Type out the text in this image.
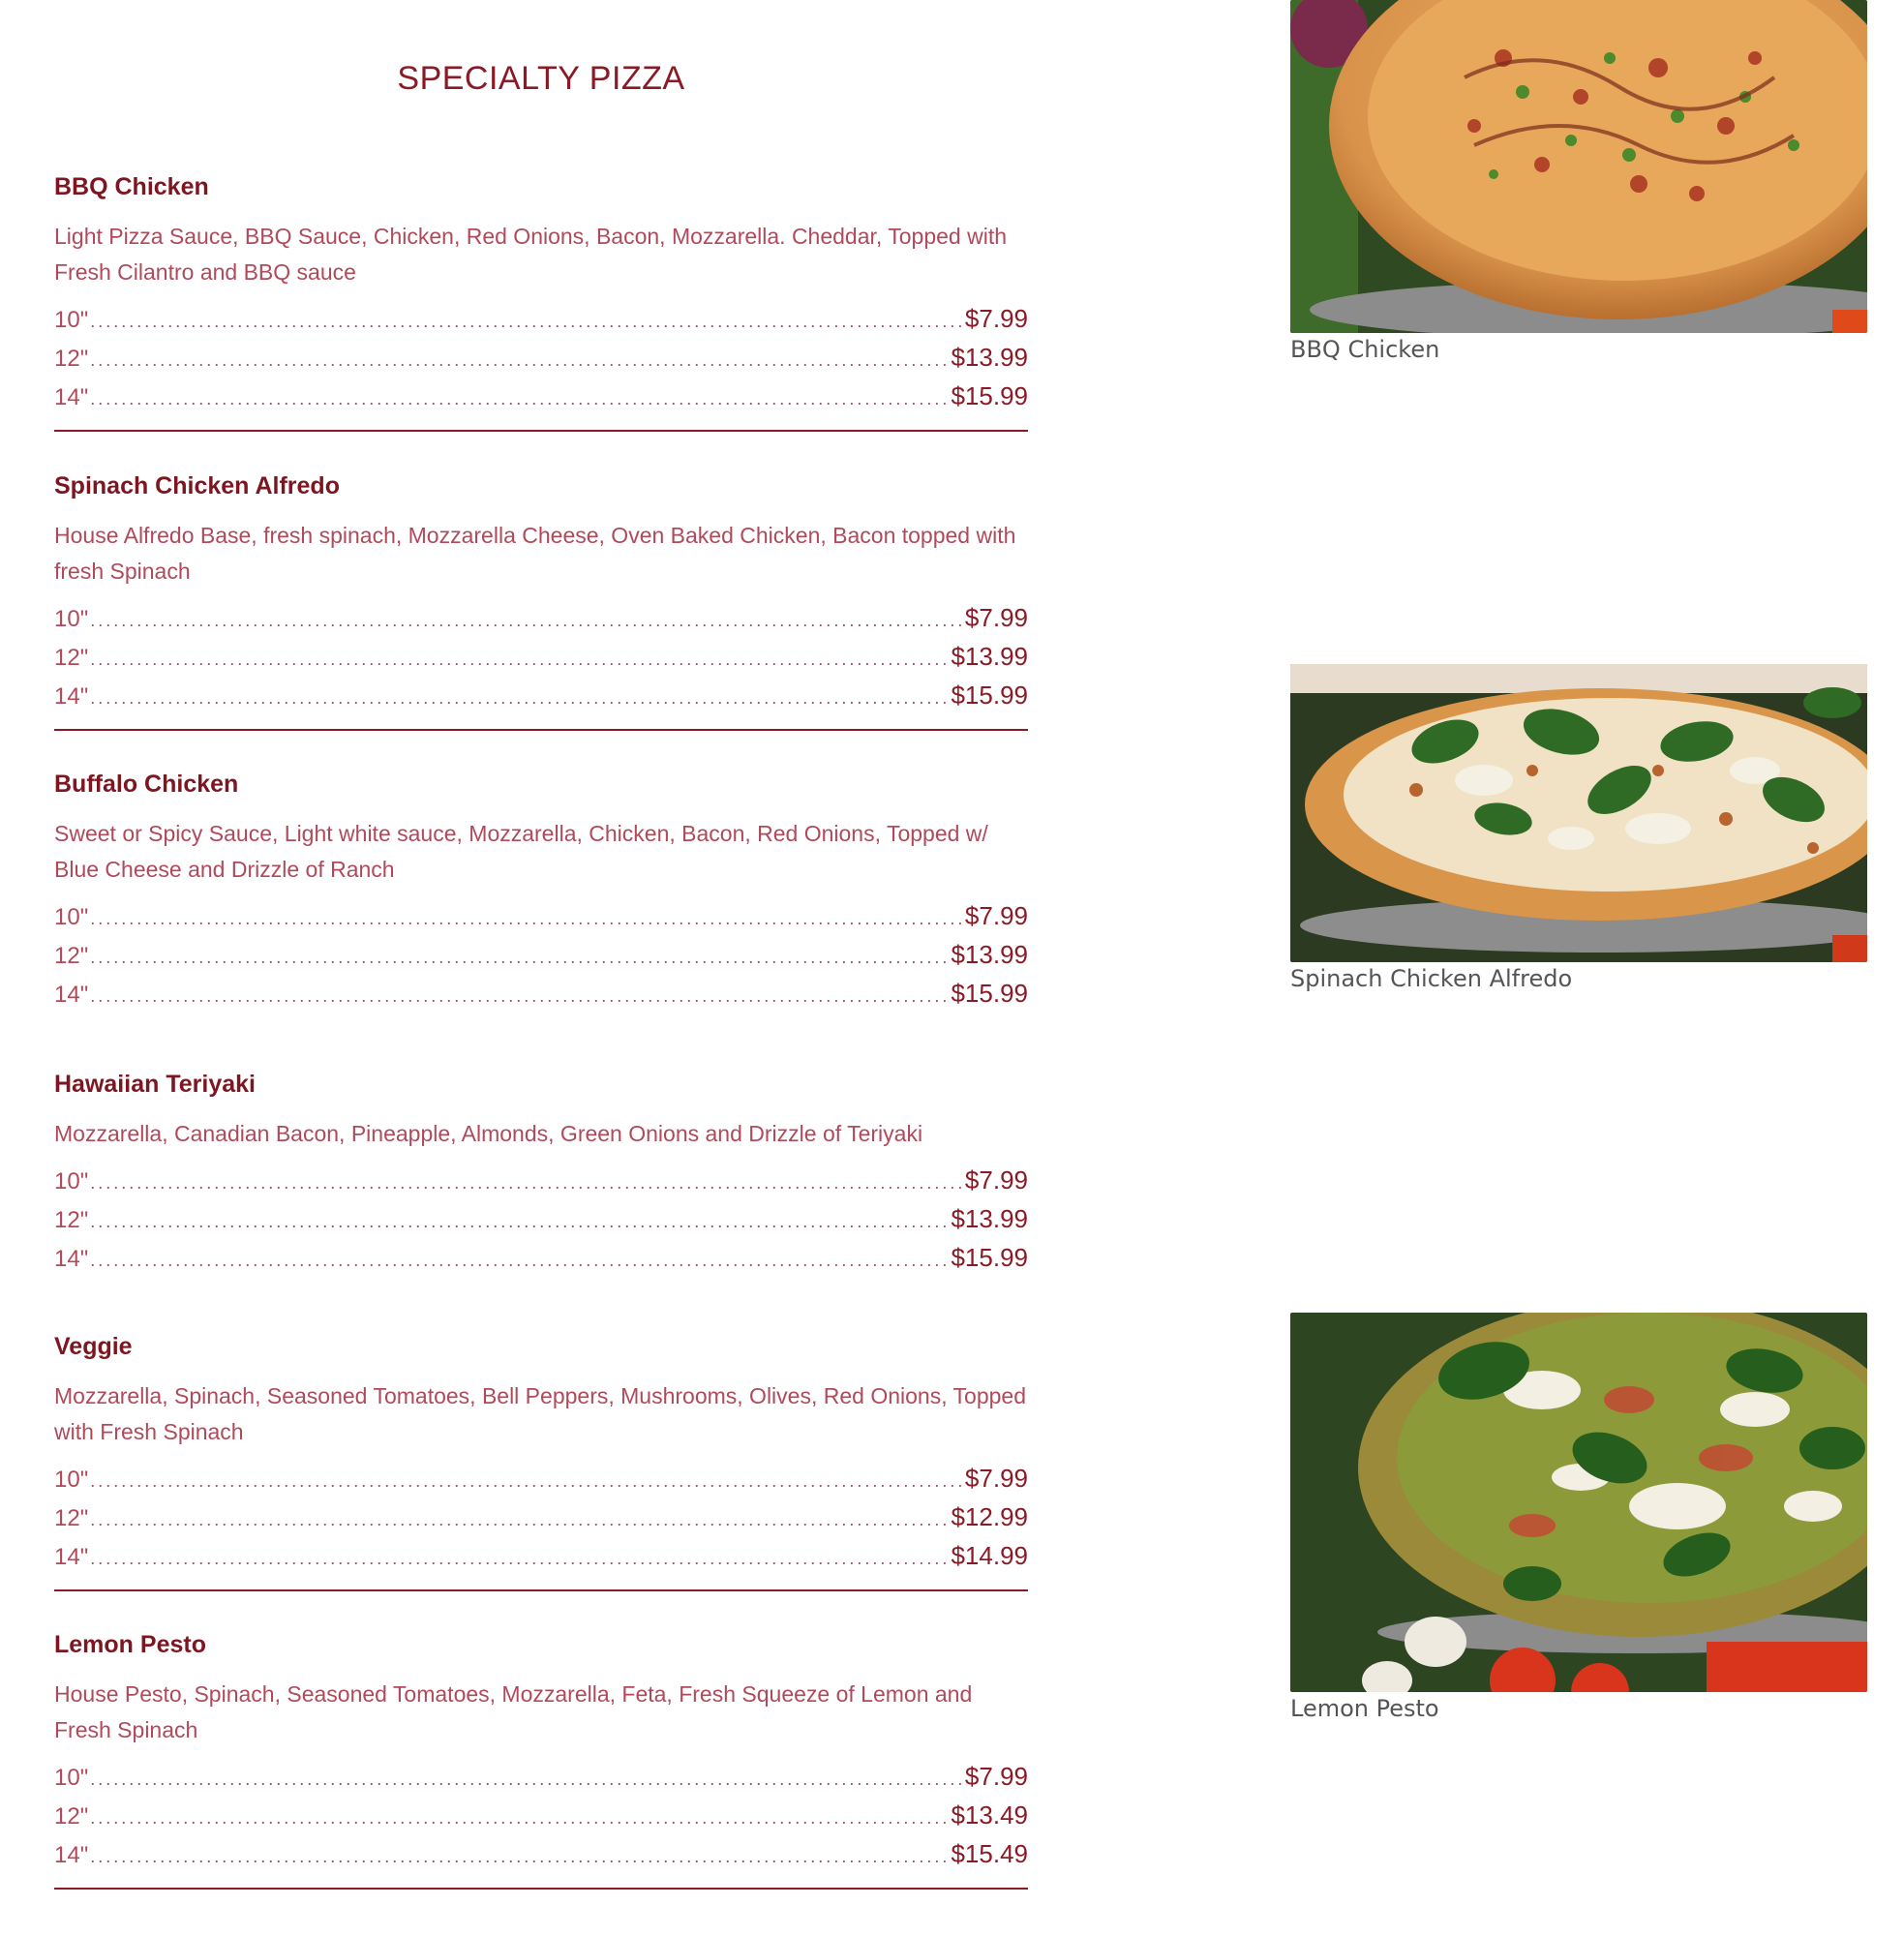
SPECIALTY PIZZA
BBQ Chicken

Light Pizza Sauce, BBQ Sauce, Chicken, Red Onions, Bacon, Mozzarella. Cheddar, Topped with Fresh Cilantro and BBQ sauce

10" .....	$7.99
12" .....	$13.99
14" .....	$15.99
Spinach Chicken Alfredo

House Alfredo Base, fresh spinach, Mozzarella Cheese, Oven Baked Chicken, Bacon topped with fresh Spinach

10" .....	$7.99
12" .....	$13.99
14" .....	$15.99
Buffalo Chicken

Sweet or Spicy Sauce, Light white sauce, Mozzarella, Chicken, Bacon, Red Onions, Topped w/ Blue Cheese and Drizzle of Ranch

10" .....	$7.99
12" .....	$13.99
14" .....	$15.99
Hawaiian Teriyaki

Mozzarella, Canadian Bacon, Pineapple, Almonds, Green Onions and Drizzle of Teriyaki

10" .....	$7.99
12" .....	$13.99
14" .....	$15.99
Veggie

Mozzarella, Spinach, Seasoned Tomatoes, Bell Peppers, Mushrooms, Olives, Red Onions, Topped with Fresh Spinach

10" .....	$7.99
12" .....	$12.99
14" .....	$14.99
Lemon Pesto

House Pesto, Spinach, Seasoned Tomatoes, Mozzarella, Feta, Fresh Squeeze of Lemon and Fresh Spinach

10" .....	$7.99
12" .....	$13.49
14" .....	$15.49
BBQ Chicken
Spinach Chicken Alfredo
Lemon Pesto
